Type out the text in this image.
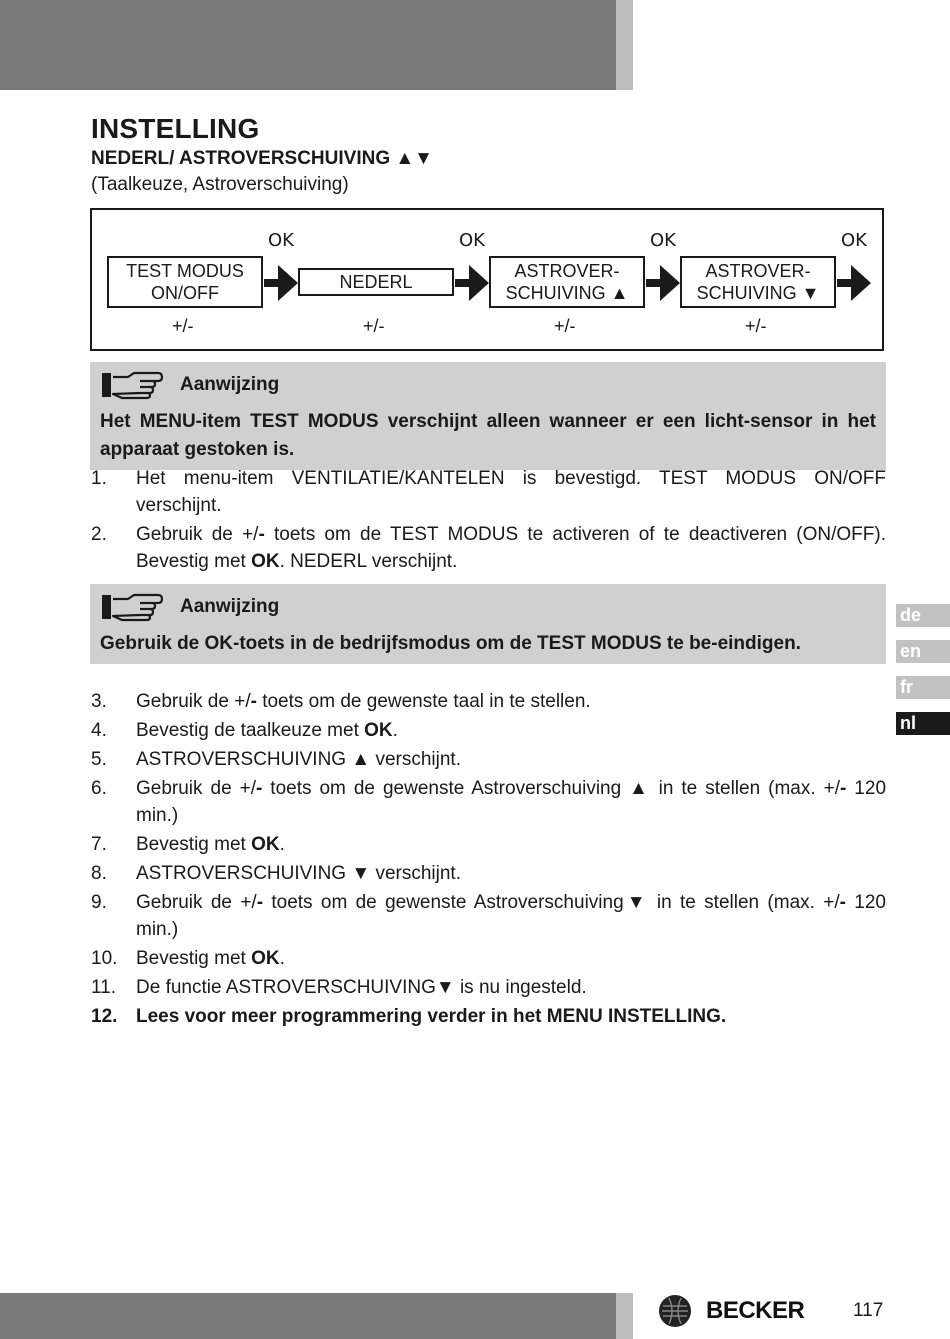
INSTELLING
NEDERL/ ASTROVERSCHUIVING ▲▼

(Taalkeuze, Astroverschuiving)

OK	OK	OK	OK
TEST MODUS
ON/OFF
NEDERL
ASTROVER-
SCHUIVING ▲
ASTROVER-
SCHUIVING ▼
+/-	+/-	+/-	+/-
Aanwijzing
Het MENU-item TEST MODUS verschijnt alleen wanneer er een licht-sensor in het apparaat gestoken is.
1.	Het menu-item VENTILATIE/KANTELEN is bevestigd. TEST MODUS ON/OFF verschijnt.
2.	Gebruik de +/- toets om de TEST MODUS te activeren of te deactiveren (ON/OFF). Bevestig met OK. NEDERL verschijnt.
Aanwijzing
Gebruik de OK-toets in de bedrijfsmodus om de TEST MODUS te be-eindigen.
3.	Gebruik de +/- toets om de gewenste taal in te stellen.
4.	Bevestig de taalkeuze met OK.
5.	ASTROVERSCHUIVING ▲ verschijnt.
6.	Gebruik de +/- toets om de gewenste Astroverschuiving ▲ in te stellen (max. +/- 120 min.)
7.	Bevestig met OK.
8.	ASTROVERSCHUIVING ▼ verschijnt.
9.	Gebruik de +/- toets om de gewenste Astroverschuiving▼ in te stellen (max. +/- 120 min.)
10. Bevestig met OK.
11.	De functie ASTROVERSCHUIVING▼ is nu ingesteld.
12. Lees voor meer programmering verder in het MENU INSTELLING.
de
en
fr
nl
BECKER	117
